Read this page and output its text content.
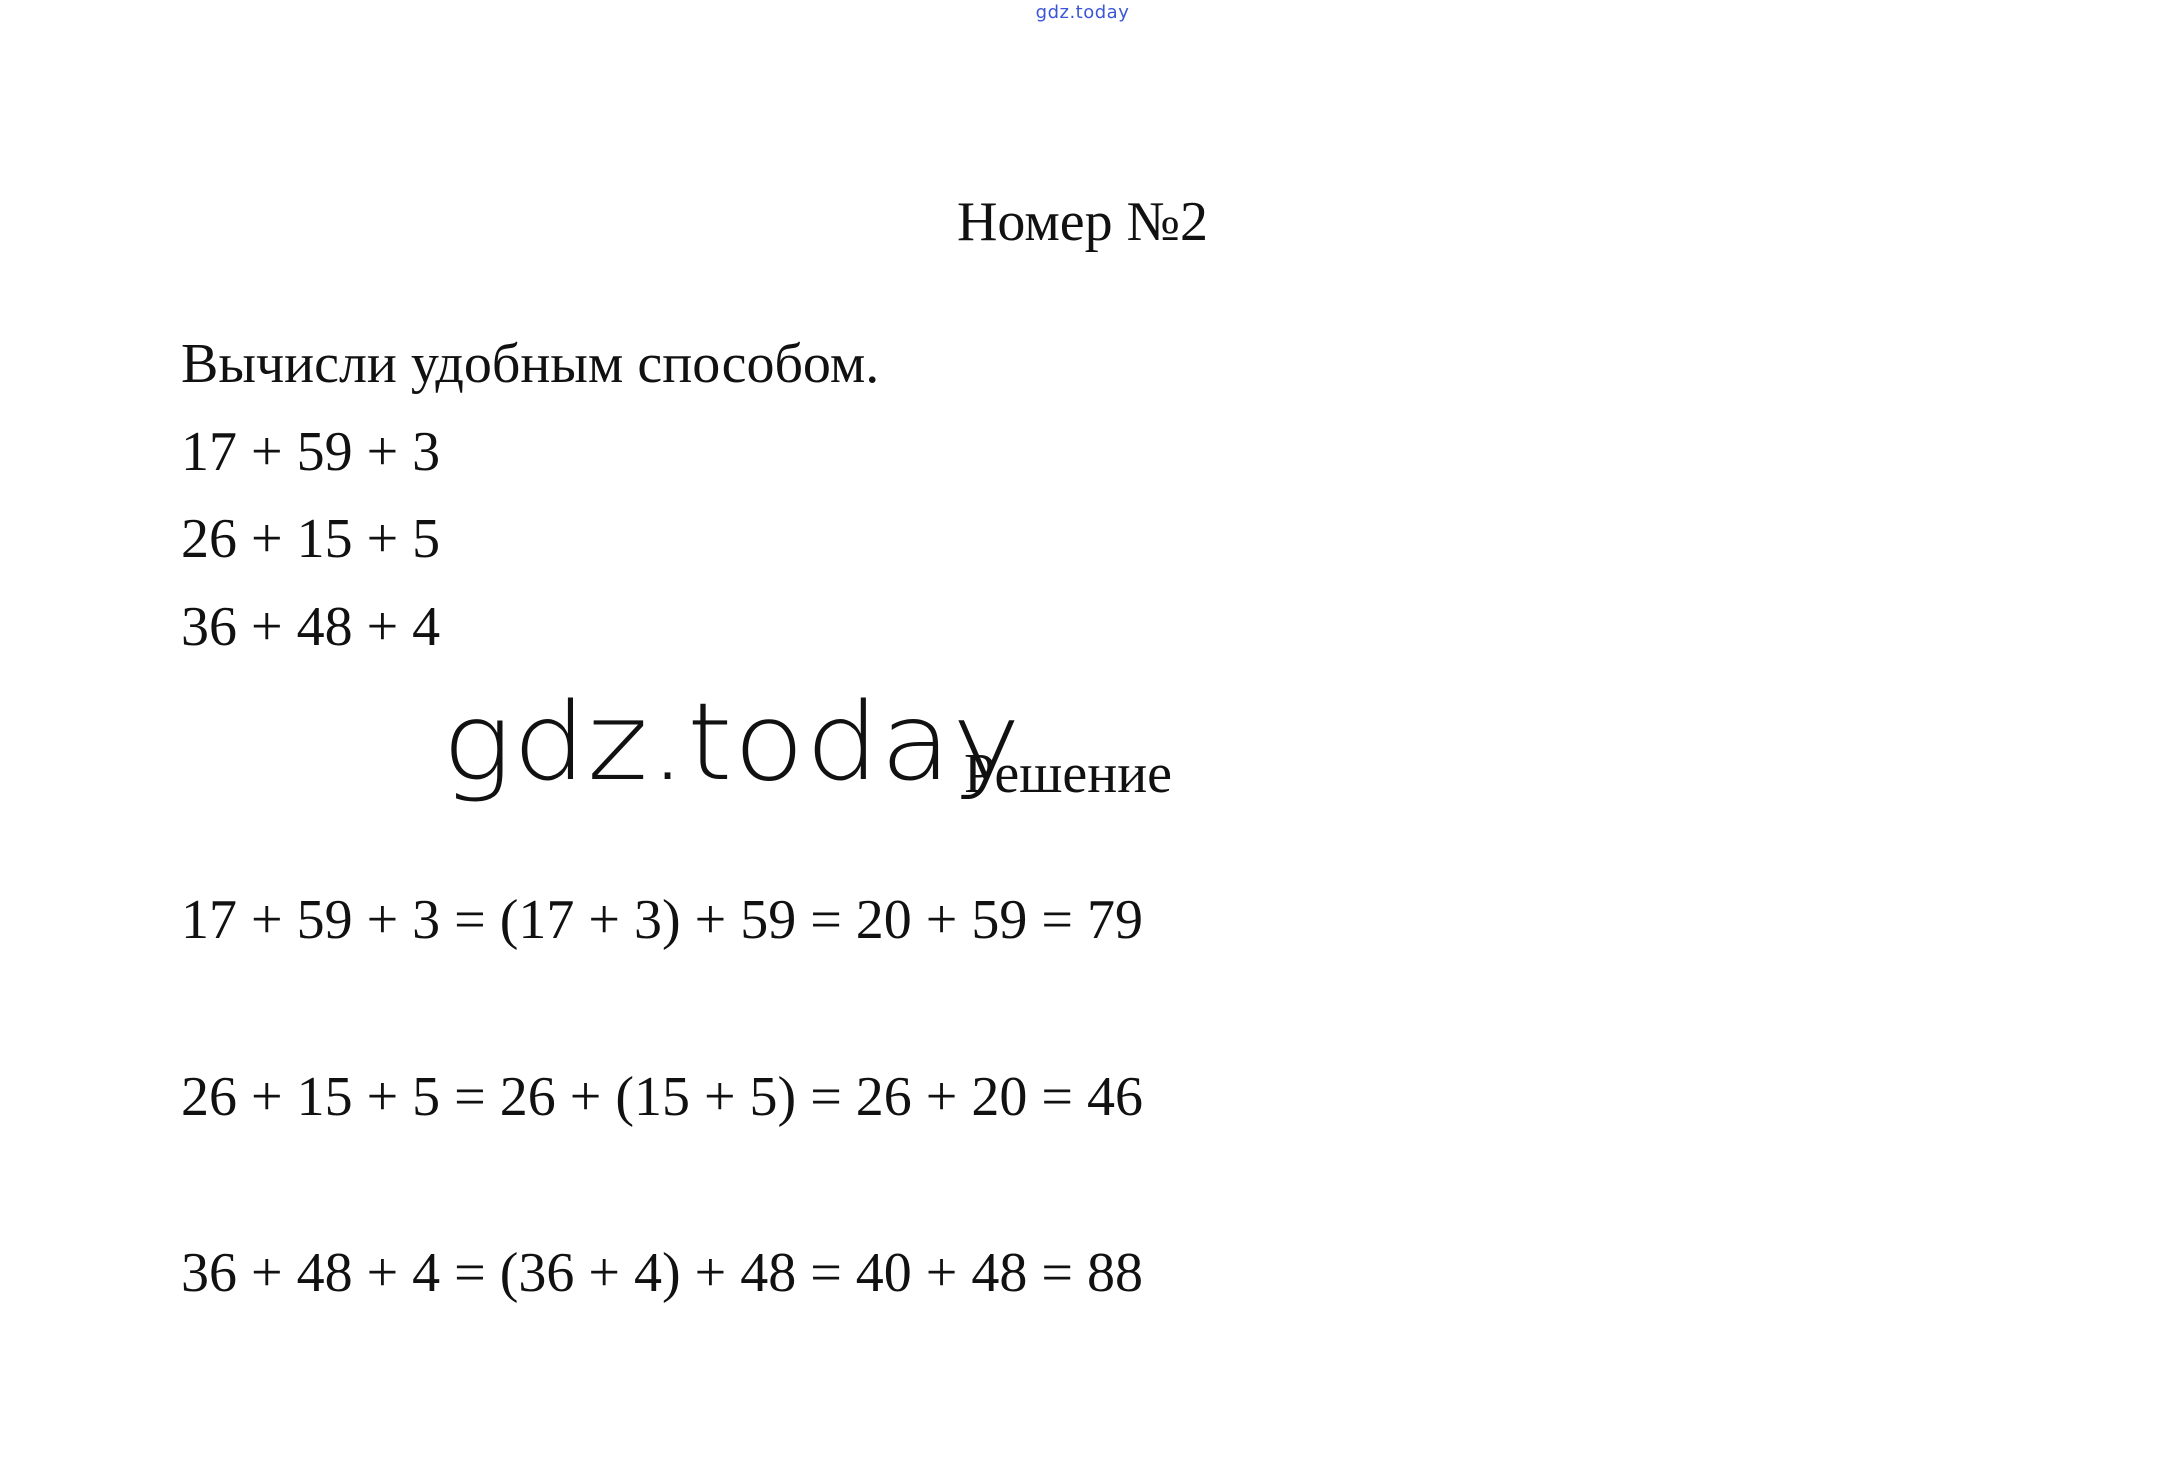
gdz.today
Номер №2
Вычисли удобным способом.
17 + 59 + 3
26 + 15 + 5
36 + 48 + 4
gdz.today
Решение
17 + 59 + 3 = (17 + 3) + 59 = 20 + 59 = 79
26 + 15 + 5 = 26 + (15 + 5) = 26 + 20 = 46
36 + 48 + 4 = (36 + 4) + 48 = 40 + 48 = 88
